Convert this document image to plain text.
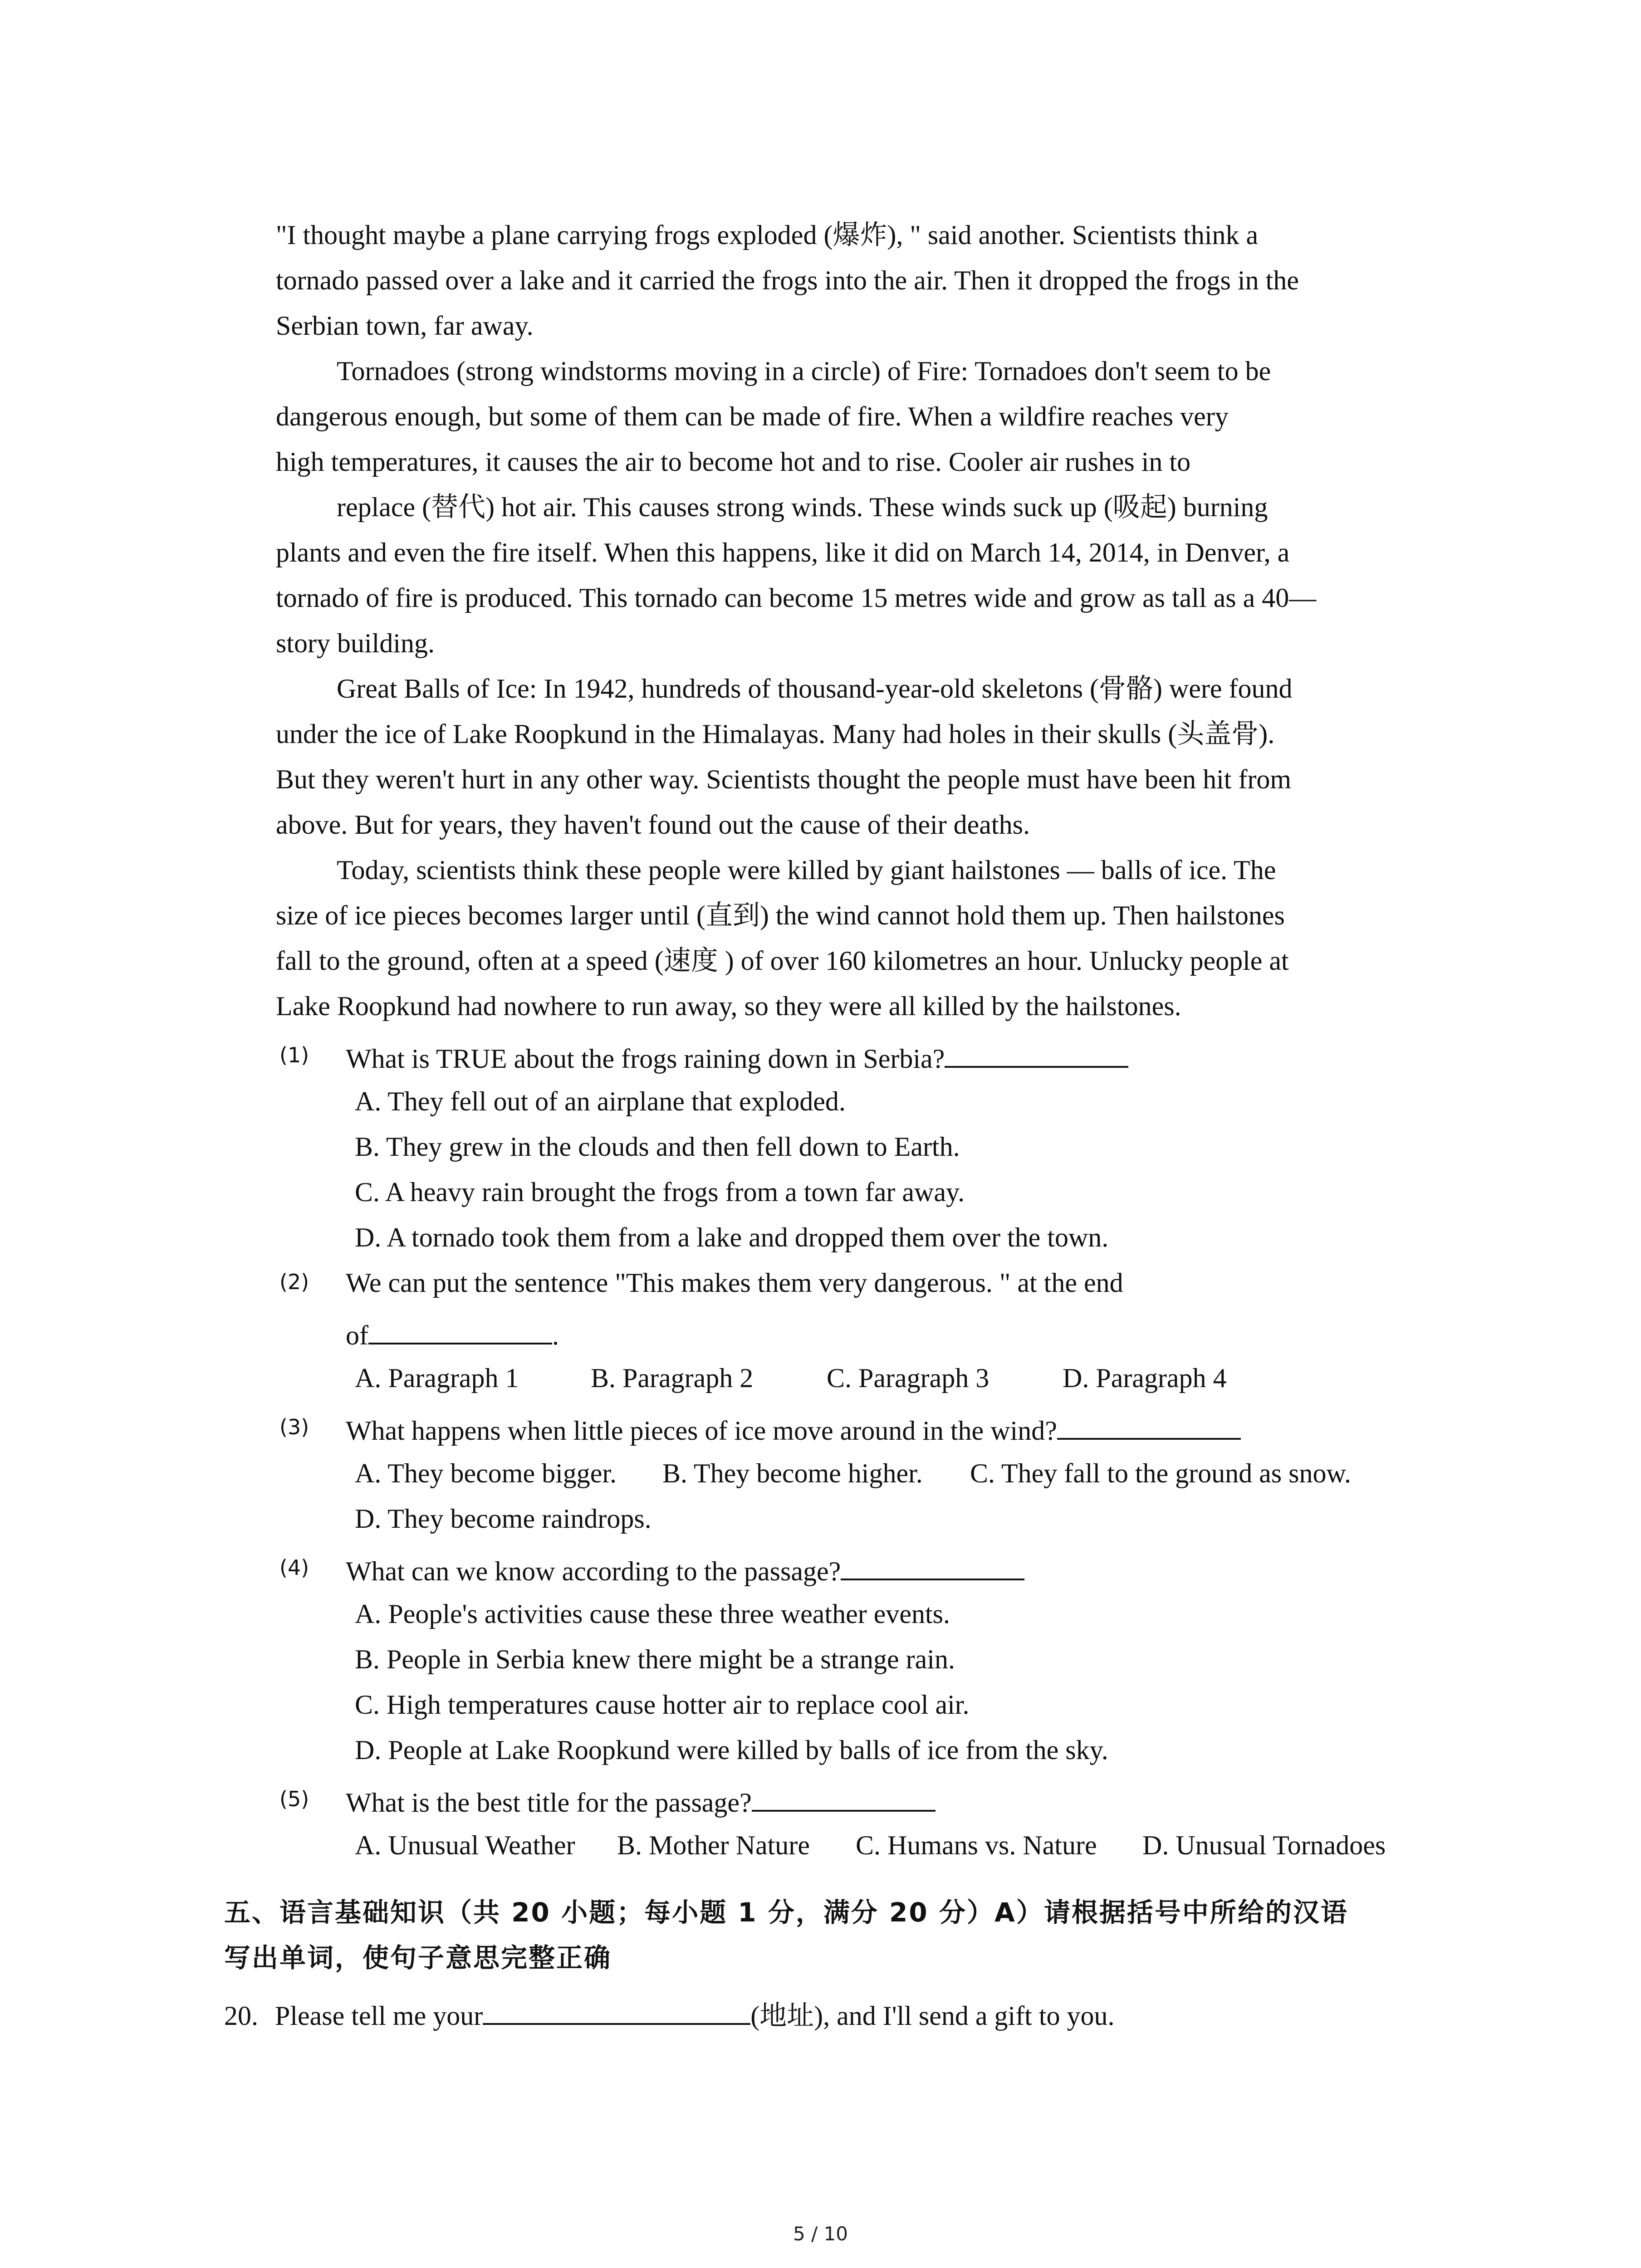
"I thought maybe a plane carrying frogs exploded (爆炸), " said another. Scientists think a
tornado passed over a lake and it carried the frogs into the air. Then it dropped the frogs in the
Serbian town, far away.
Tornadoes (strong windstorms moving in a circle) of Fire: Tornadoes don't seem to be
dangerous enough, but some of them can be made of fire. When a wildfire reaches very
high temperatures, it causes the air to become hot and to rise. Cooler air rushes in to
replace (替代) hot air. This causes strong winds. These winds suck up (吸起) burning
plants and even the fire itself. When this happens, like it did on March 14, 2014, in Denver, a
tornado of fire is produced. This tornado can become 15 metres wide and grow as tall as a 40—
story building.
Great Balls of Ice: In 1942, hundreds of thousand-year-old skeletons (骨骼) were found
under the ice of Lake Roopkund in the Himalayas. Many had holes in their skulls (头盖骨).
But they weren't hurt in any other way. Scientists thought the people must have been hit from
above. But for years, they haven't found out the cause of their deaths.
Today, scientists think these people were killed by giant hailstones — balls of ice. The
size of ice pieces becomes larger until (直到) the wind cannot hold them up. Then hailstones
fall to the ground, often at a speed (速度 ) of over 160 kilometres an hour. Unlucky people at
Lake Roopkund had nowhere to run away, so they were all killed by the hailstones.
(1) What is TRUE about the frogs raining down in Serbia?
A. They fell out of an airplane that exploded.
B. They grew in the clouds and then fell down to Earth.
C. A heavy rain brought the frogs from a town far away.
D. A tornado took them from a lake and dropped them over the town.
(2) We can put the sentence "This makes them very dangerous. " at the end
of	.
A. Paragraph 1	B. Paragraph 2	C. Paragraph 3	D. Paragraph 4
(3) What happens when little pieces of ice move around in the wind?
A. They become bigger. B. They become higher. C. They fall to the ground as snow.
D. They become raindrops.
(4) What can we know according to the passage?
A. People's activities cause these three weather events.
B. People in Serbia knew there might be a strange rain.
C. High temperatures cause hotter air to replace cool air.
D. People at Lake Roopkund were killed by balls of ice from the sky.
(5) What is the best title for the passage?
A. Unusual Weather B. Mother Nature C. Humans vs. Nature D. Unusual Tornadoes
五、语言基础知识（共 20 小题；每小题 1 分，满分 20 分）A）请根据括号中所给的汉语
写出单词，使句子意思完整正确
20. Please tell me your	(地址), and I'll send a gift to you.
5 / 10
